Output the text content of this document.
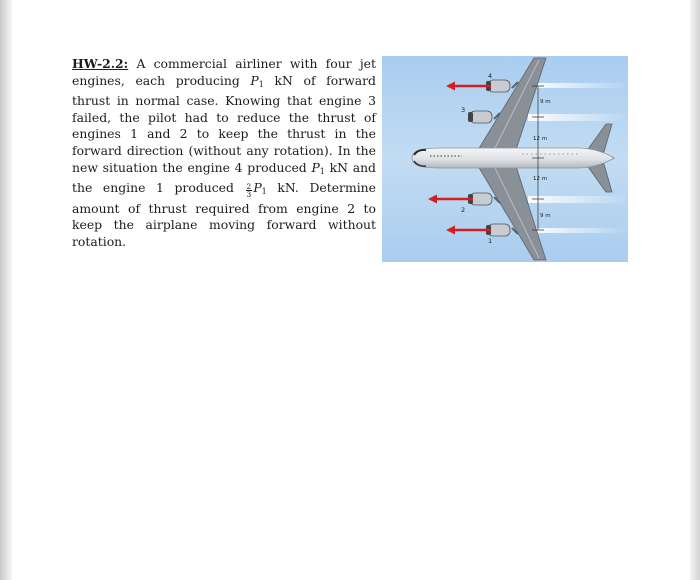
HW-2.2: A commercial airliner with four jet engines, each producing $P_1$ kN of forward thrust in normal case. Knowing that engine 3 failed, the pilot had to reduce the thrust of engines 1 and 2 to keep the thrust in the forward direction (without any rotation). In the new situation the engine 4 produced $P_1$ kN and the engine 1 produced $\frac{2}{3} P_1$ kN. Determine amount of thrust required from engine 2 to keep the airplane moving forward without rotation.
4
3
2
1
9 m
12 m
12 m
9 m
